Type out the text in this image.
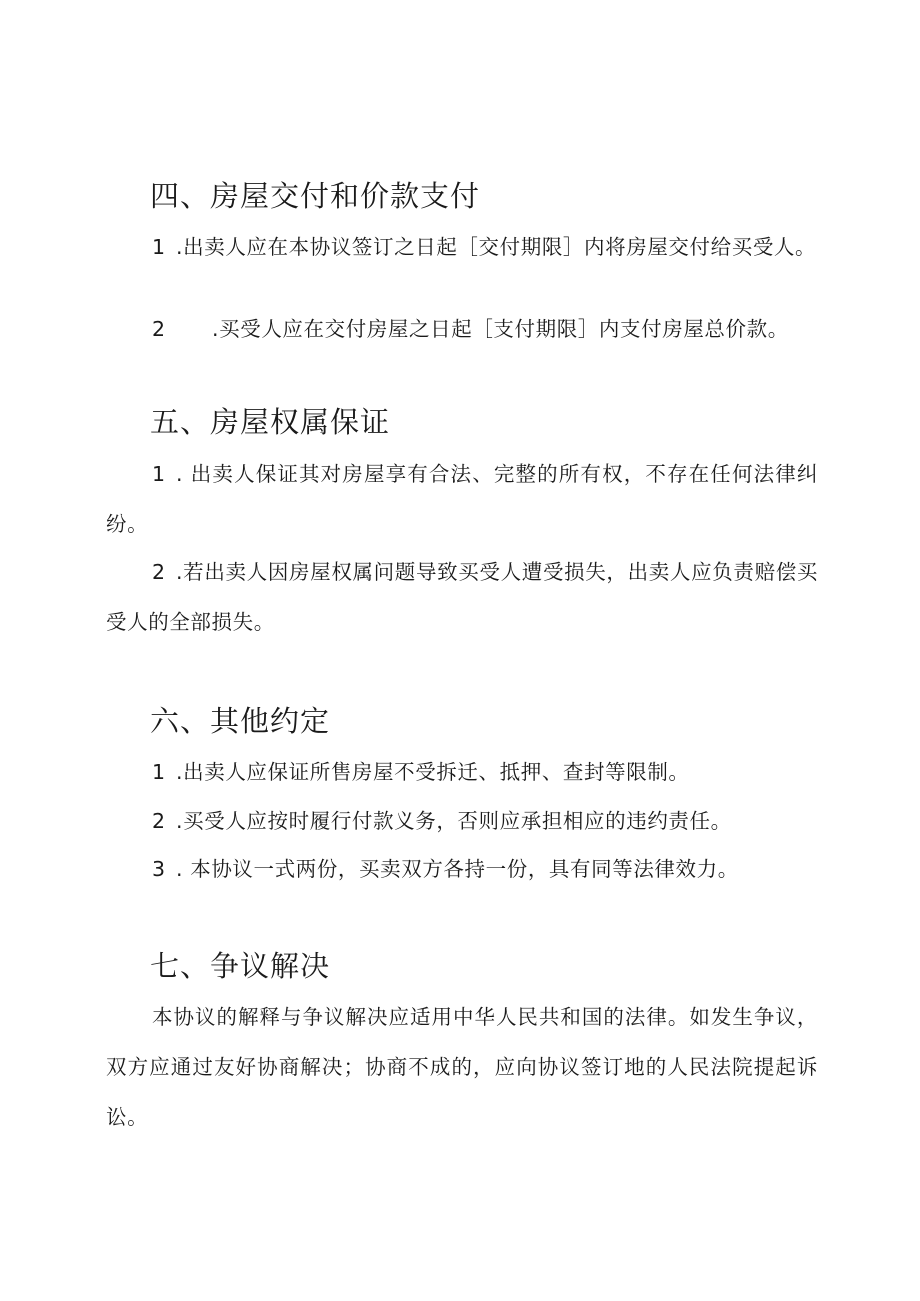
四、房屋交付和价款支付

1 .出卖人应在本协议签订之日起［交付期限］内将房屋交付给买受人。

2 .买受人应在交付房屋之日起［支付期限］内支付房屋总价款。

五、房屋权属保证

1 . 出卖人保证其对房屋享有合法、完整的所有权，不存在任何法律纠纷。

2 .若出卖人因房屋权属问题导致买受人遭受损失，出卖人应负责赔偿买受人的全部损失。

六、其他约定

1 .出卖人应保证所售房屋不受拆迁、抵押、查封等限制。

2 .买受人应按时履行付款义务，否则应承担相应的违约责任。

3 . 本协议一式两份，买卖双方各持一份，具有同等法律效力。

七、争议解决

本协议的解释与争议解决应适用中华人民共和国的法律。如发生争议，双方应通过友好协商解决；协商不成的，应向协议签订地的人民法院提起诉讼。
